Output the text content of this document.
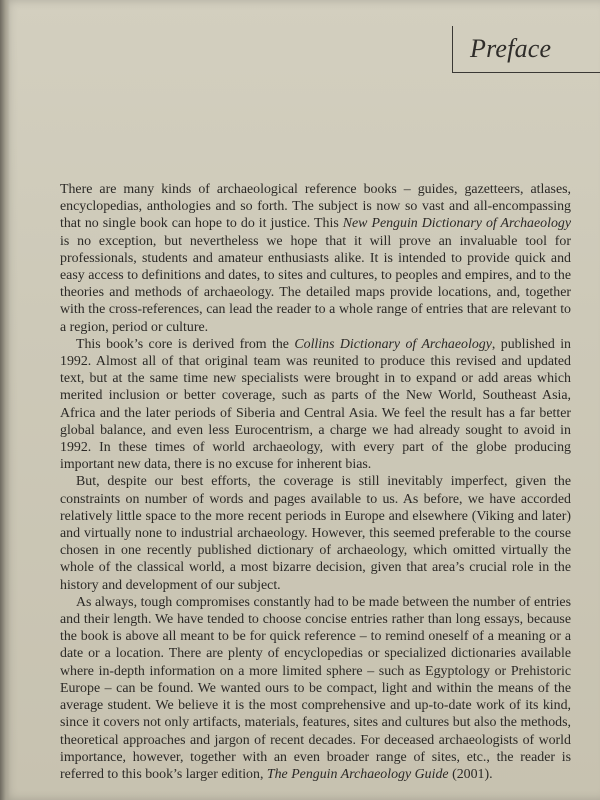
Preface

There are many kinds of archaeological reference books – guides, gazetteers, atlases, encyclopedias, anthologies and so forth. The subject is now so vast and all-encompassing that no single book can hope to do it justice. This New Penguin Dictionary of Archaeology is no exception, but nevertheless we hope that it will prove an invaluable tool for professionals, students and amateur enthusiasts alike. It is intended to provide quick and easy access to definitions and dates, to sites and cultures, to peoples and empires, and to the theories and methods of archaeology. The detailed maps provide locations, and, together with the cross-references, can lead the reader to a whole range of entries that are relevant to a region, period or culture.

This book’s core is derived from the Collins Dictionary of Archaeology, published in 1992. Almost all of that original team was reunited to produce this revised and updated text, but at the same time new specialists were brought in to expand or add areas which merited inclusion or better coverage, such as parts of the New World, Southeast Asia, Africa and the later periods of Siberia and Central Asia. We feel the result has a far better global balance, and even less Eurocentrism, a charge we had already sought to avoid in 1992. In these times of world archaeology, with every part of the globe producing important new data, there is no excuse for inherent bias.

But, despite our best efforts, the coverage is still inevitably imperfect, given the constraints on number of words and pages available to us. As before, we have accorded relatively little space to the more recent periods in Europe and elsewhere (Viking and later) and virtually none to industrial archaeology. However, this seemed preferable to the course chosen in one recently published dictionary of archaeology, which omitted virtually the whole of the classical world, a most bizarre decision, given that area’s crucial role in the history and development of our subject.

As always, tough compromises constantly had to be made between the number of entries and their length. We have tended to choose concise entries rather than long essays, because the book is above all meant to be for quick reference – to remind oneself of a meaning or a date or a location. There are plenty of encyclopedias or specialized dictionaries available where in-depth information on a more limited sphere – such as Egyptology or Prehistoric Europe – can be found. We wanted ours to be compact, light and within the means of the average student. We believe it is the most comprehensive and up-to-date work of its kind, since it covers not only artifacts, materials, features, sites and cultures but also the methods, theoretical approaches and jargon of recent decades. For deceased archaeologists of world importance, however, together with an even broader range of sites, etc., the reader is referred to this book’s larger edition, The Penguin Archaeology Guide (2001).
